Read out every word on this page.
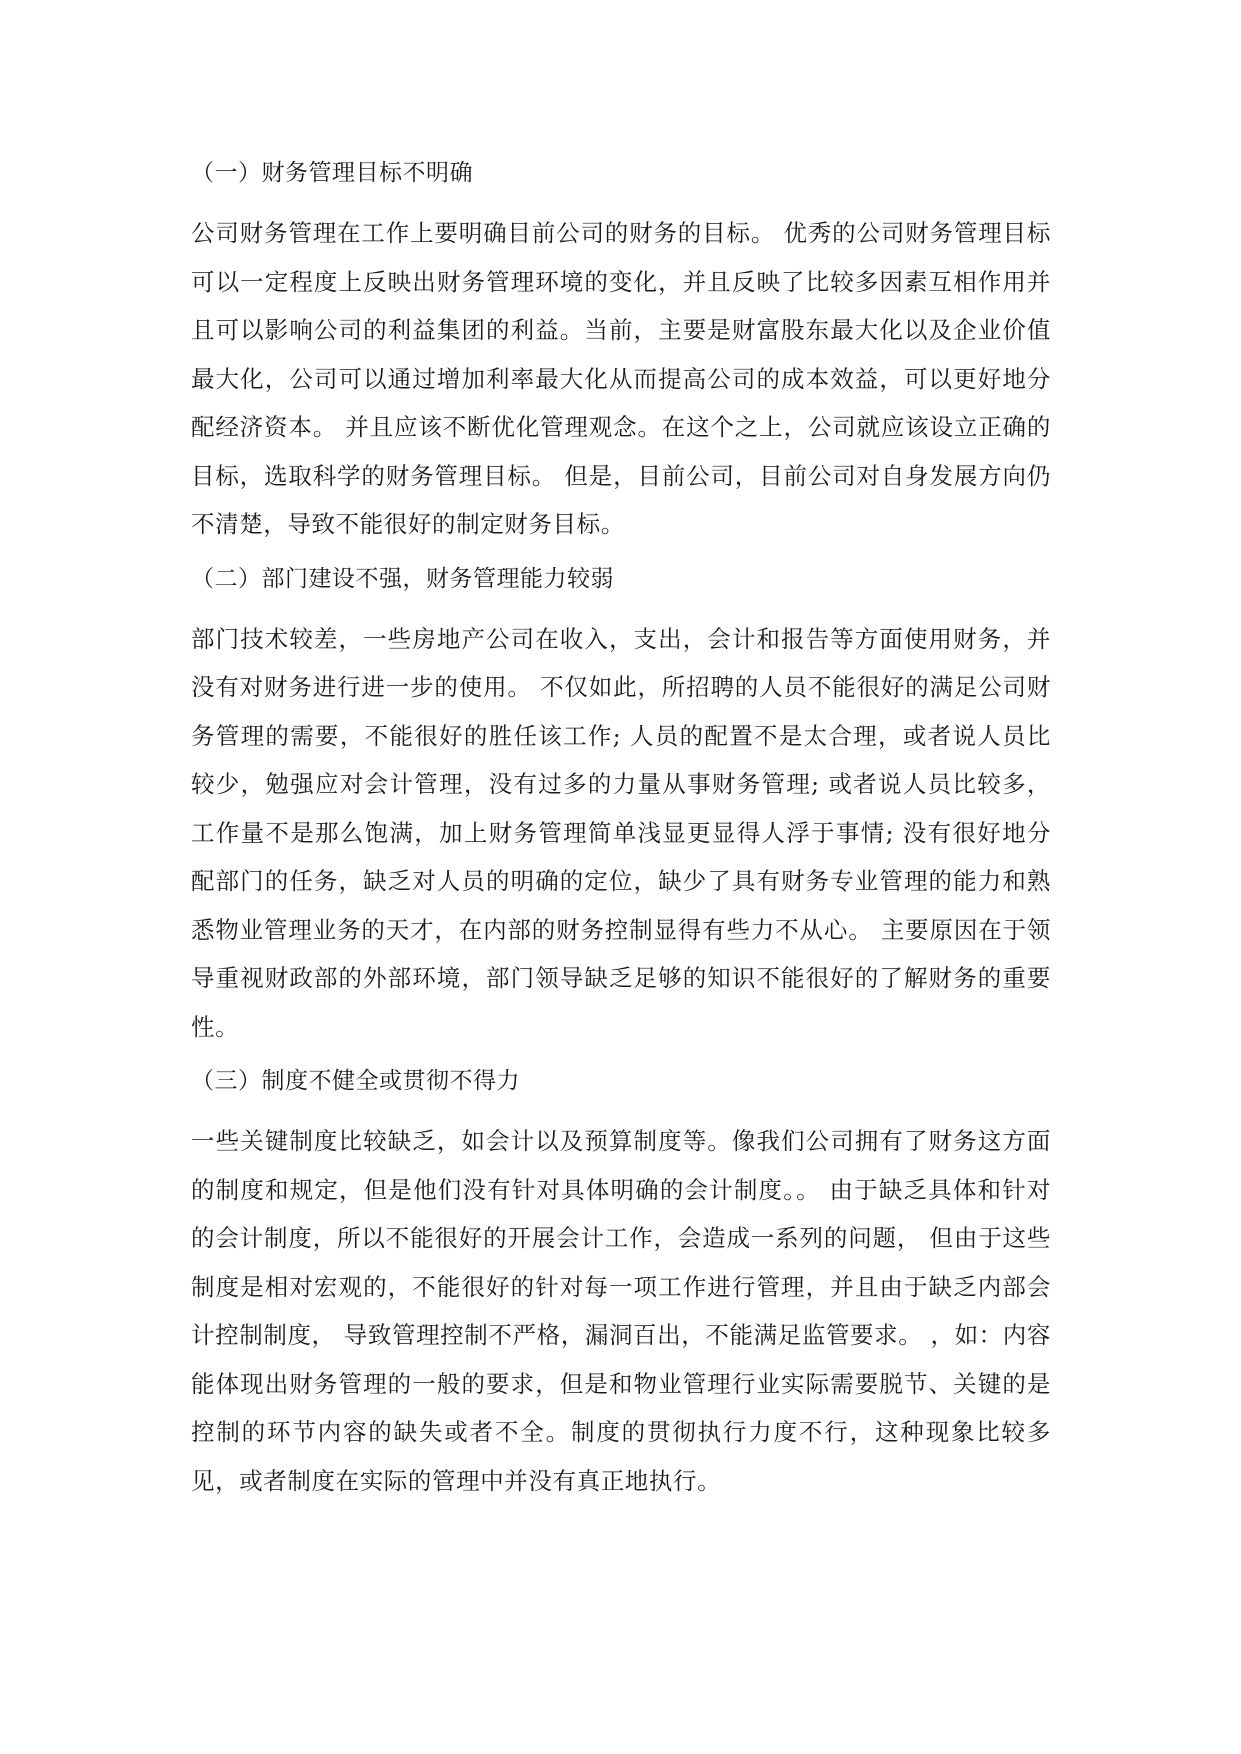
（一）财务管理目标不明确

公司财务管理在工作上要明确目前公司的财务的目标。 优秀的公司财务管理目标可以一定程度上反映出财务管理环境的变化，并且反映了比较多因素互相作用并且可以影响公司的利益集团的利益。当前，主要是财富股东最大化以及企业价值最大化，公司可以通过增加利率最大化从而提高公司的成本效益，可以更好地分配经济资本。 并且应该不断优化管理观念。在这个之上，公司就应该设立正确的目标，选取科学的财务管理目标。 但是，目前公司，目前公司对自身发展方向仍不清楚，导致不能很好的制定财务目标。

（二）部门建设不强，财务管理能力较弱

部门技术较差，一些房地产公司在收入，支出，会计和报告等方面使用财务，并没有对财务进行进一步的使用。 不仅如此，所招聘的人员不能很好的满足公司财务管理的需要，不能很好的胜任该工作; 人员的配置不是太合理，或者说人员比较少，勉强应对会计管理，没有过多的力量从事财务管理; 或者说人员比较多，工作量不是那么饱满，加上财务管理简单浅显更显得人浮于事情; 没有很好地分配部门的任务，缺乏对人员的明确的定位，缺少了具有财务专业管理的能力和熟悉物业管理业务的天才，在内部的财务控制显得有些力不从心。 主要原因在于领导重视财政部的外部环境，部门领导缺乏足够的知识不能很好的了解财务的重要性。

（三）制度不健全或贯彻不得力

一些关键制度比较缺乏，如会计以及预算制度等。像我们公司拥有了财务这方面的制度和规定，但是他们没有针对具体明确的会计制度。。 由于缺乏具体和针对的会计制度，所以不能很好的开展会计工作，会造成一系列的问题， 但由于这些制度是相对宏观的，不能很好的针对每一项工作进行管理，并且由于缺乏内部会计控制制度， 导致管理控制不严格，漏洞百出，不能满足监管要求。 ，如：内容能体现出财务管理的一般的要求，但是和物业管理行业实际需要脱节、关键的是控制的环节内容的缺失或者不全。制度的贯彻执行力度不行，这种现象比较多见，或者制度在实际的管理中并没有真正地执行。
